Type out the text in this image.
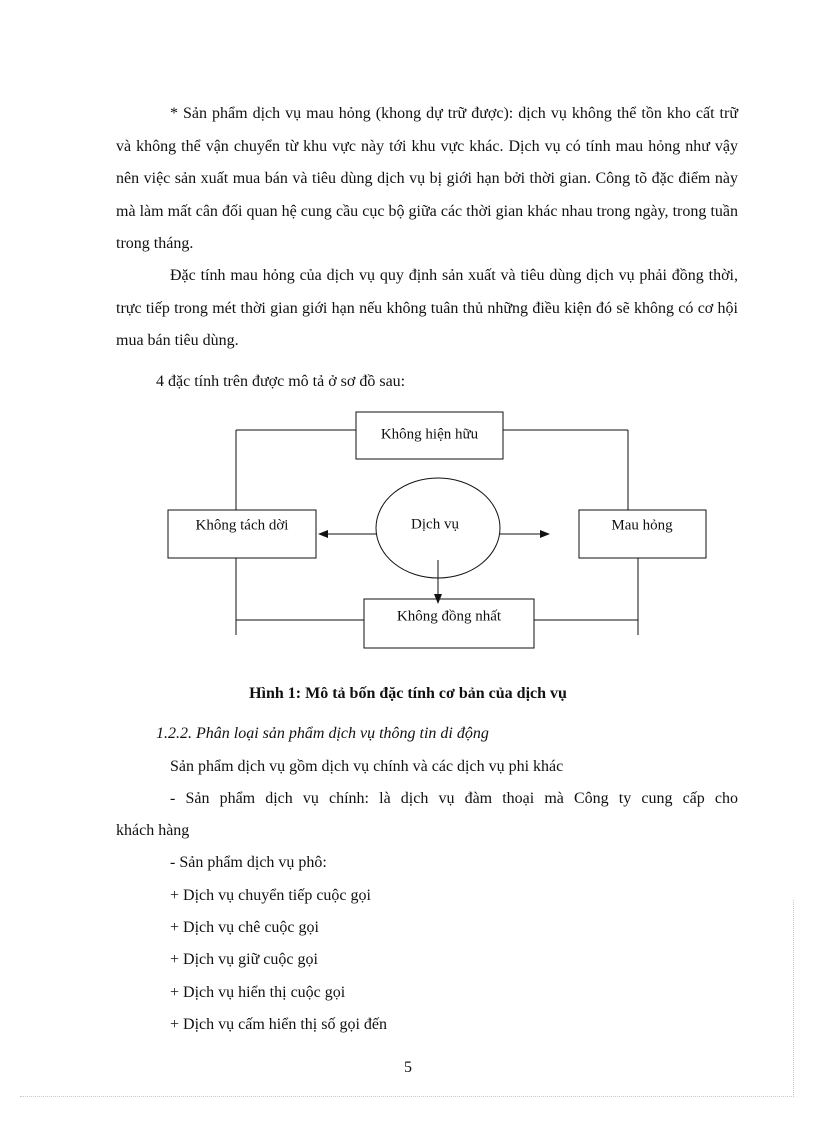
* Sản phẩm dịch vụ mau hỏng (khong dự trữ được): dịch vụ không thể tồn kho cất trữ và không thể vận chuyển từ khu vực này tới khu vực khác. Dịch vụ có tính mau hỏng như vậy nên việc sản xuất mua bán và tiêu dùng dịch vụ bị giới hạn bởi thời gian. Công tõ đặc điểm này mà làm mất cân đối quan hệ cung cầu cục bộ giữa các thời gian khác nhau trong ngày, trong tuần trong tháng.

Đặc tính mau hỏng của dịch vụ quy định sản xuất và tiêu dùng dịch vụ phải đồng thời, trực tiếp trong mét thời gian giới hạn nếu không tuân thủ những điều kiện đó sẽ không có cơ hội mua bán tiêu dùng.

4 đặc tính trên được mô tả ở sơ đồ sau:

Không hiện hữu
Không tách dời	Dịch vụ	Mau hỏng
Không đồng nhất
Hình 1: Mô tả bốn đặc tính cơ bản của dịch vụ
1.2.2. Phân loại sản phẩm dịch vụ thông tin di động

Sản phẩm dịch vụ gồm dịch vụ chính và các dịch vụ phi khác

- Sản phẩm dịch vụ chính: là dịch vụ đàm thoại mà Công ty cung cấp cho

khách hàng

- Sản phẩm dịch vụ phô:

+ Dịch vụ chuyển tiếp cuộc gọi

+ Dịch vụ chê cuộc gọi

+ Dịch vụ giữ cuộc gọi

+ Dịch vụ hiển thị cuộc gọi

+ Dịch vụ cấm hiển thị số gọi đến

5
